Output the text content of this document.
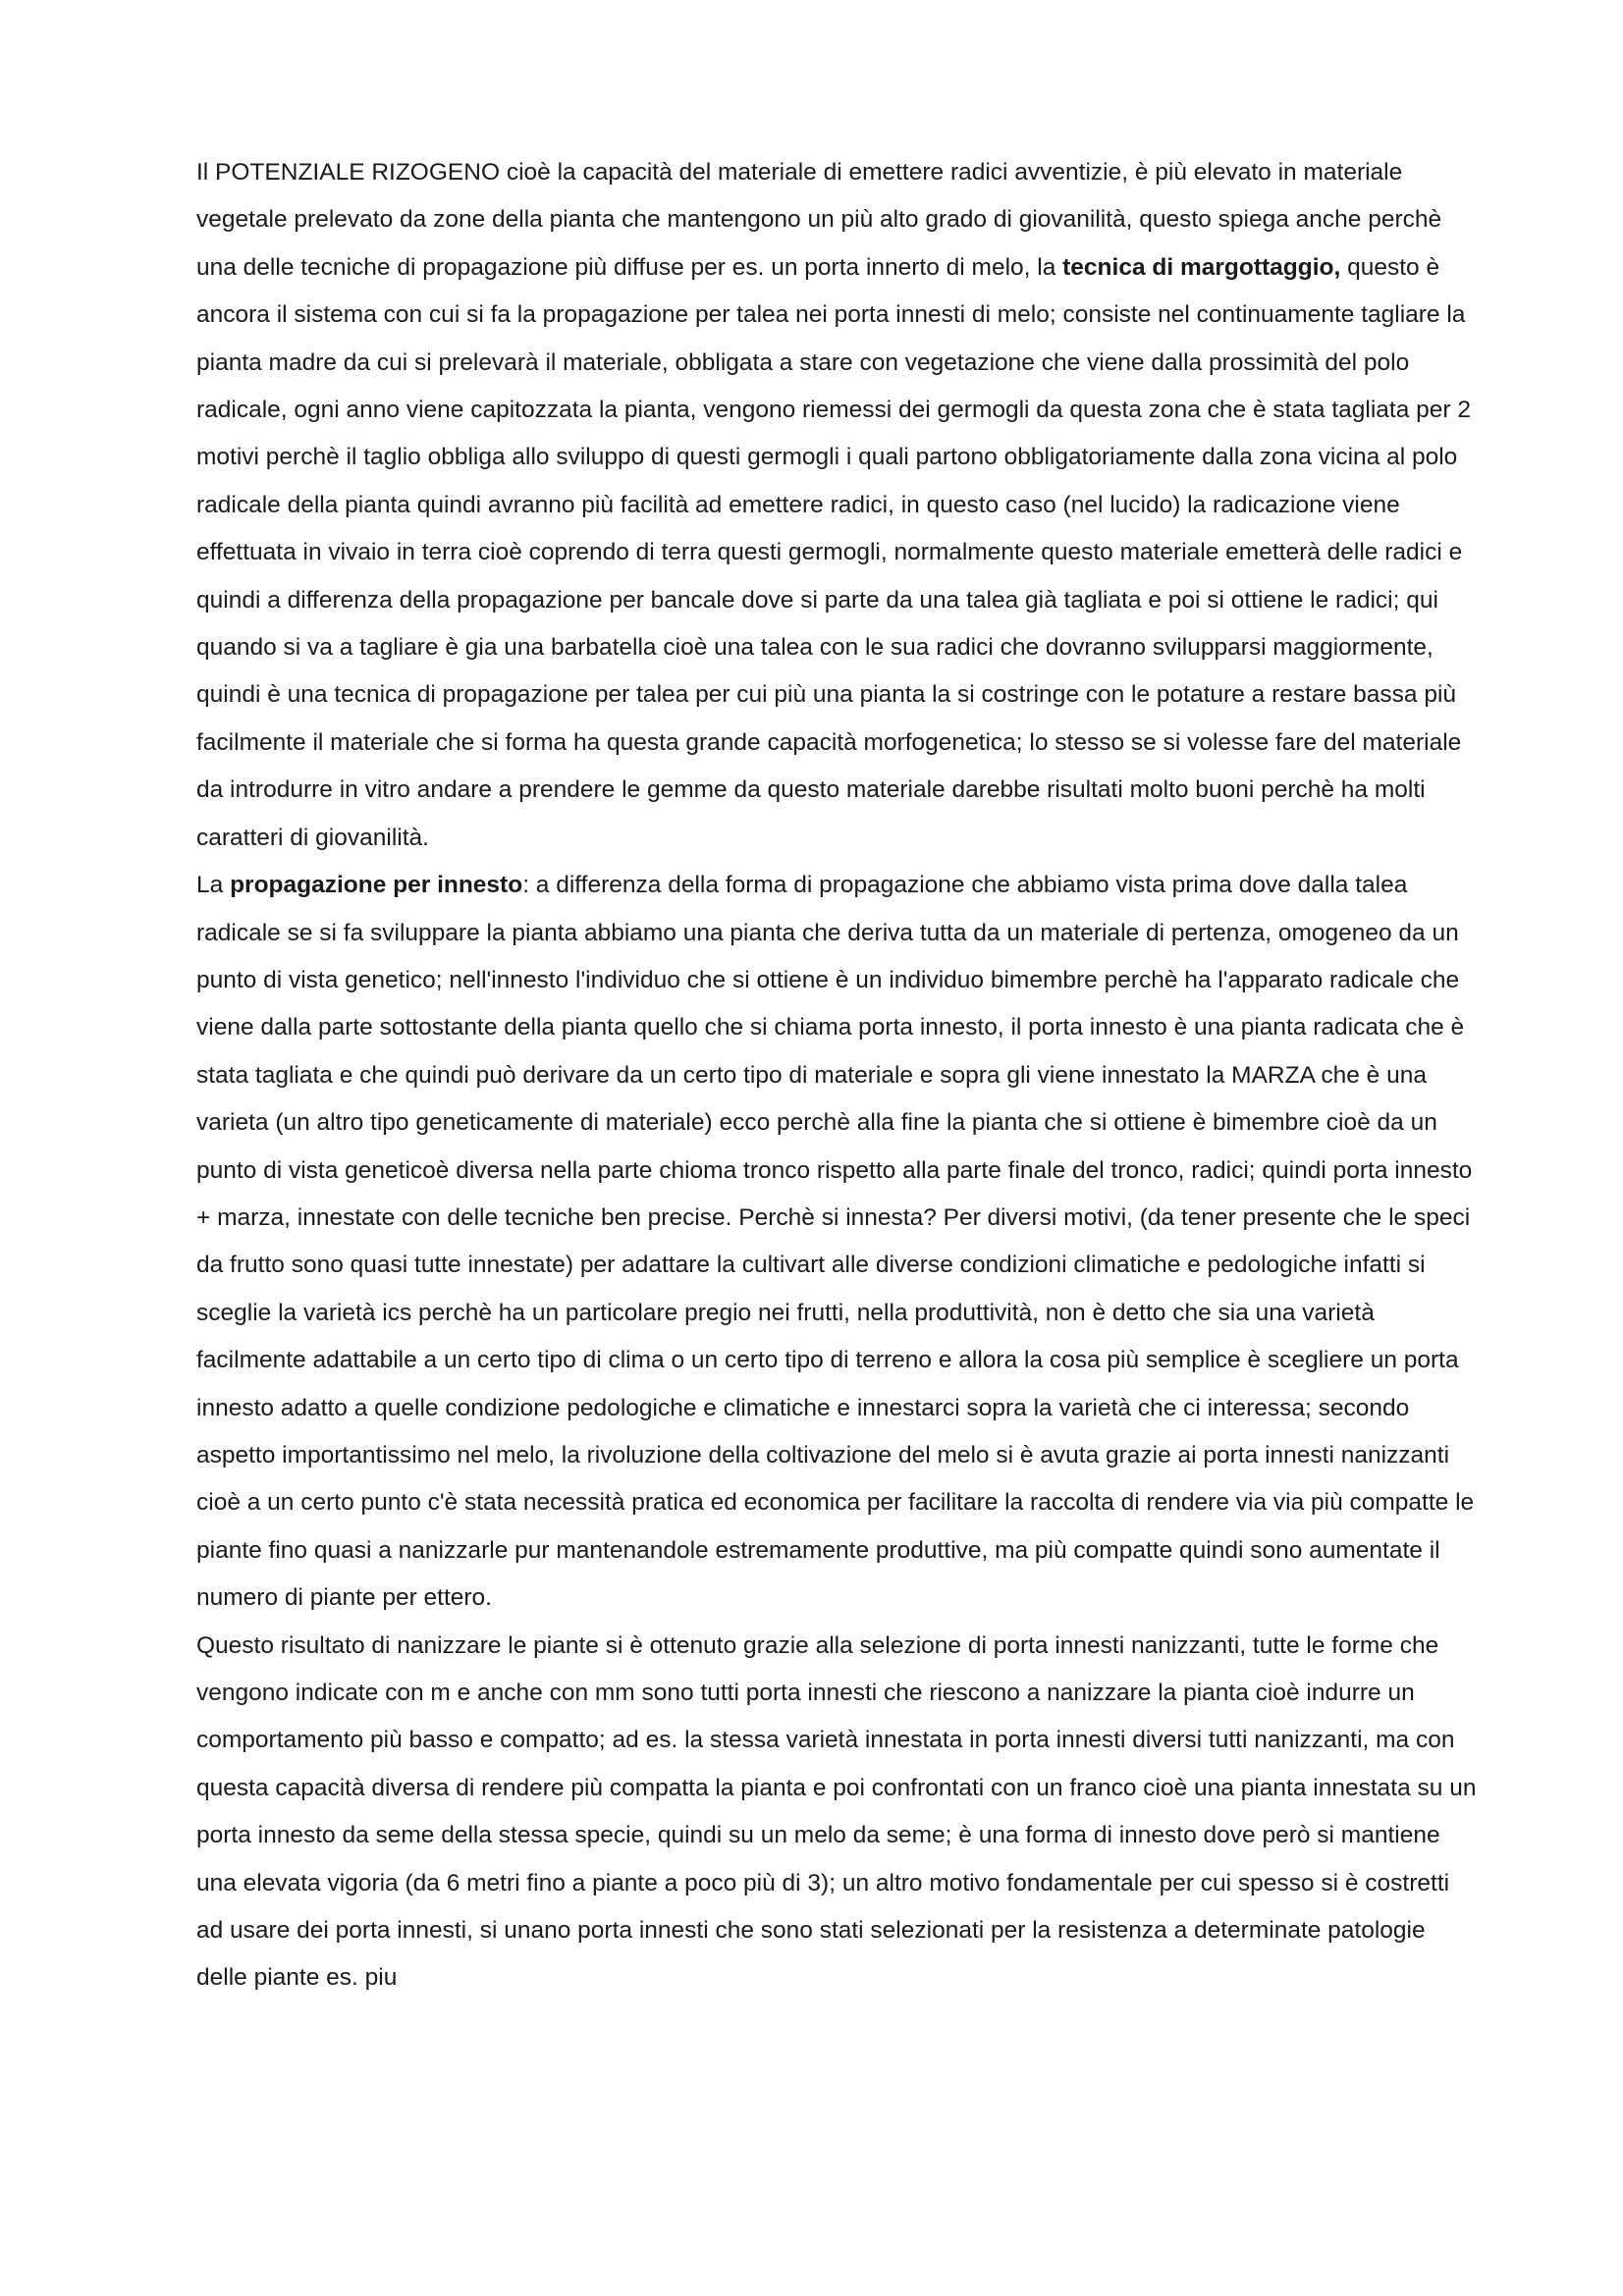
Il POTENZIALE RIZOGENO cioè la capacità del materiale di emettere radici avventizie, è più elevato in materiale vegetale prelevato da zone della pianta che mantengono un più alto grado di giovanilità, questo spiega anche perchè una delle tecniche di propagazione più diffuse per es. un porta innerto di melo, la tecnica di margottaggio, questo è ancora il sistema con cui si fa la propagazione per talea nei porta innesti di melo; consiste nel continuamente tagliare la pianta madre da cui si prelevarà il materiale, obbligata a stare con vegetazione che viene dalla prossimità del polo radicale, ogni anno viene capitozzata la pianta, vengono riemessi dei germogli da questa zona che è stata tagliata per 2 motivi perchè il taglio obbliga allo sviluppo di questi germogli i quali partono obbligatoriamente dalla zona vicina al polo radicale della pianta quindi avranno più facilità ad emettere radici, in questo caso (nel lucido) la radicazione viene effettuata in vivaio in terra cioè coprendo di terra questi germogli, normalmente questo materiale emetterà delle radici e quindi a differenza della propagazione per bancale dove si parte da una talea già tagliata e poi si ottiene le radici; qui quando si va a tagliare è gia una barbatella cioè una talea con le sua radici che dovranno svilupparsi maggiormente, quindi è una tecnica di propagazione per talea per cui più una pianta la si costringe con le potature a restare bassa più facilmente il materiale che si forma ha questa grande capacità morfogenetica; lo stesso se si volesse fare del materiale da introdurre in vitro andare a prendere le gemme da questo materiale darebbe risultati molto buoni perchè ha molti caratteri di giovanilità.

La propagazione per innesto: a differenza della forma di propagazione che abbiamo vista prima dove dalla talea radicale se si fa sviluppare la pianta abbiamo una pianta che deriva tutta da un materiale di pertenza, omogeneo da un punto di vista genetico; nell'innesto l'individuo che si ottiene è un individuo bimembre perchè ha l'apparato radicale che viene dalla parte sottostante della pianta quello che si chiama porta innesto, il porta innesto è una pianta radicata che è stata tagliata e che quindi può derivare da un certo tipo di materiale e sopra gli viene innestato la MARZA che è una varieta (un altro tipo geneticamente di materiale) ecco perchè alla fine la pianta che si ottiene è bimembre cioè da un punto di vista geneticoè diversa nella parte chioma tronco rispetto alla parte finale del tronco, radici; quindi porta innesto + marza, innestate con delle tecniche ben precise. Perchè si innesta? Per diversi motivi, (da tener presente che le speci da frutto sono quasi tutte innestate) per adattare la cultivart alle diverse condizioni climatiche e pedologiche infatti si sceglie la varietà ics perchè ha un particolare pregio nei frutti, nella produttività, non è detto che sia una varietà facilmente adattabile a un certo tipo di clima o un certo tipo di terreno e allora la cosa più semplice è scegliere un porta innesto adatto a quelle condizione pedologiche e climatiche e innestarci sopra la varietà che ci interessa; secondo aspetto importantissimo nel melo, la rivoluzione della coltivazione del melo si è avuta grazie ai porta innesti nanizzanti cioè a un certo punto c'è stata necessità pratica ed economica per facilitare la raccolta di rendere via via più compatte le piante fino quasi a nanizzarle pur mantenandole estremamente produttive, ma più compatte quindi sono aumentate il numero di piante per ettero.

Questo risultato di nanizzare le piante si è ottenuto grazie alla selezione di porta innesti nanizzanti, tutte le forme che vengono indicate con m e anche con mm sono tutti porta innesti che riescono a nanizzare la pianta cioè indurre un comportamento più basso e compatto; ad es. la stessa varietà innestata in porta innesti diversi tutti nanizzanti, ma con questa capacità diversa di rendere più compatta la pianta e poi confrontati con un franco cioè una pianta innestata su un porta innesto da seme della stessa specie, quindi su un melo da seme; è una forma di innesto dove però si mantiene una elevata vigoria (da 6 metri fino a piante a poco più di 3); un altro motivo fondamentale per cui spesso si è costretti ad usare dei porta innesti, si unano porta innesti che sono stati selezionati per la resistenza a determinate patologie delle piante es. piu
